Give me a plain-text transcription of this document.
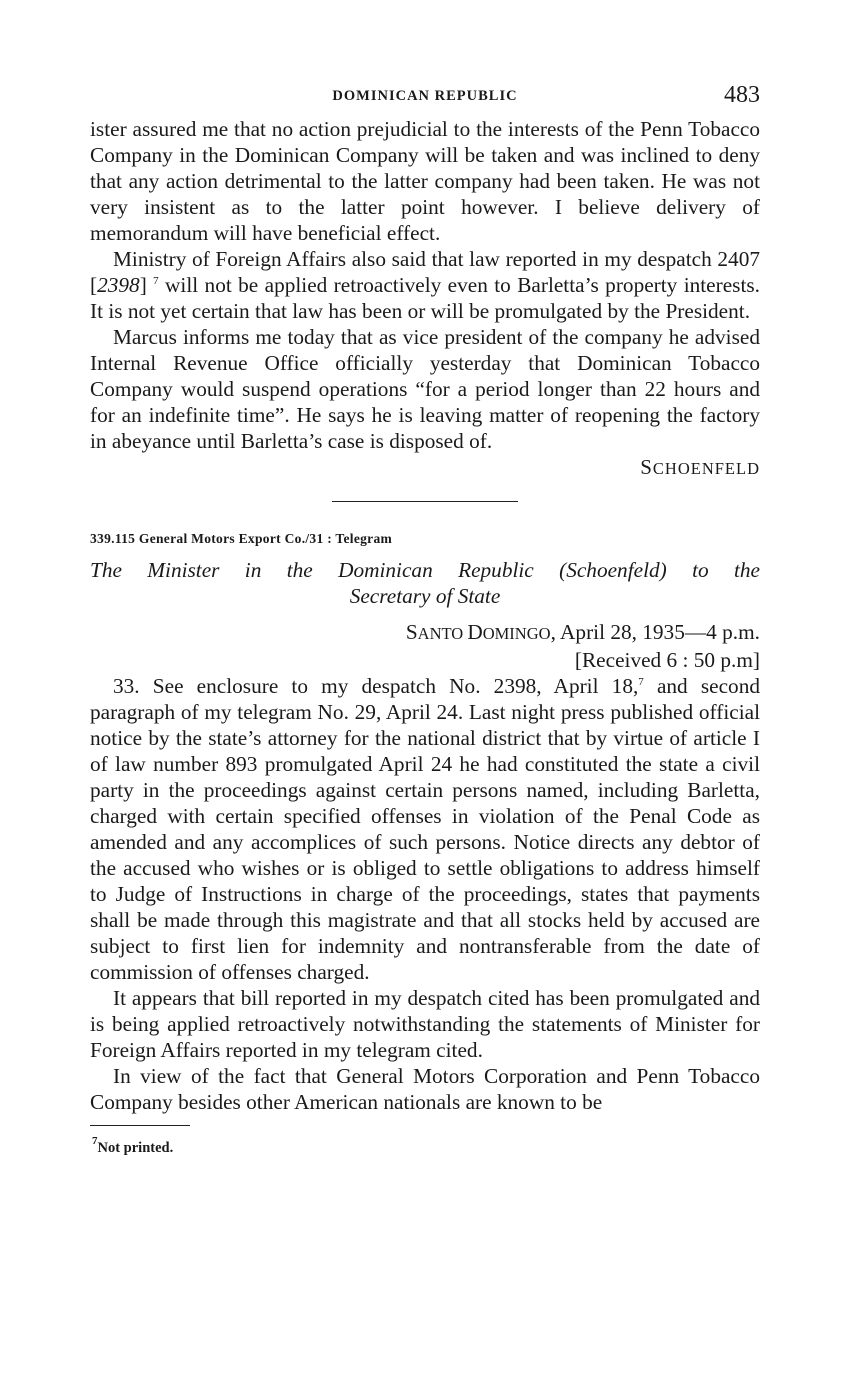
DOMINICAN REPUBLIC	483

ister assured me that no action prejudicial to the interests of the Penn Tobacco Company in the Dominican Company will be taken and was inclined to deny that any action detrimental to the latter company had been taken. He was not very insistent as to the latter point however. I believe delivery of memorandum will have beneficial effect.

Ministry of Foreign Affairs also said that law reported in my despatch 2407 [2398] $^7$ will not be applied retroactively even to Barletta’s property interests. It is not yet certain that law has been or will be promulgated by the President.

Marcus informs me today that as vice president of the company he advised Internal Revenue Office officially yesterday that Dominican Tobacco Company would suspend operations “for a period longer than 22 hours and for an indefinite time”. He says he is leaving matter of reopening the factory in abeyance until Barletta’s case is disposed of.

SCHOENFELD
339.115 General Motors Export Co./31 : Telegram
The Minister in the Dominican Republic (Schoenfeld) to the
Secretary of State
SANTO DOMINGO, April 28, 1935—4 p.m.
[Received 6 : 50 p.m]

33. See enclosure to my despatch No. 2398, April 18,$^7$ and second paragraph of my telegram No. 29, April 24. Last night press published official notice by the state’s attorney for the national district that by virtue of article I of law number 893 promulgated April 24 he had constituted the state a civil party in the proceedings against certain persons named, including Barletta, charged with certain specified offenses in violation of the Penal Code as amended and any accomplices of such persons. Notice directs any debtor of the accused who wishes or is obliged to settle obligations to address himself to Judge of Instructions in charge of the proceedings, states that payments shall be made through this magistrate and that all stocks held by accused are subject to first lien for indemnity and nontransferable from the date of commission of offenses charged.

It appears that bill reported in my despatch cited has been promulgated and is being applied retroactively notwithstanding the statements of Minister for Foreign Affairs reported in my telegram cited.

In view of the fact that General Motors Corporation and Penn Tobacco Company besides other American nationals are known to be

$^7$Not printed.
